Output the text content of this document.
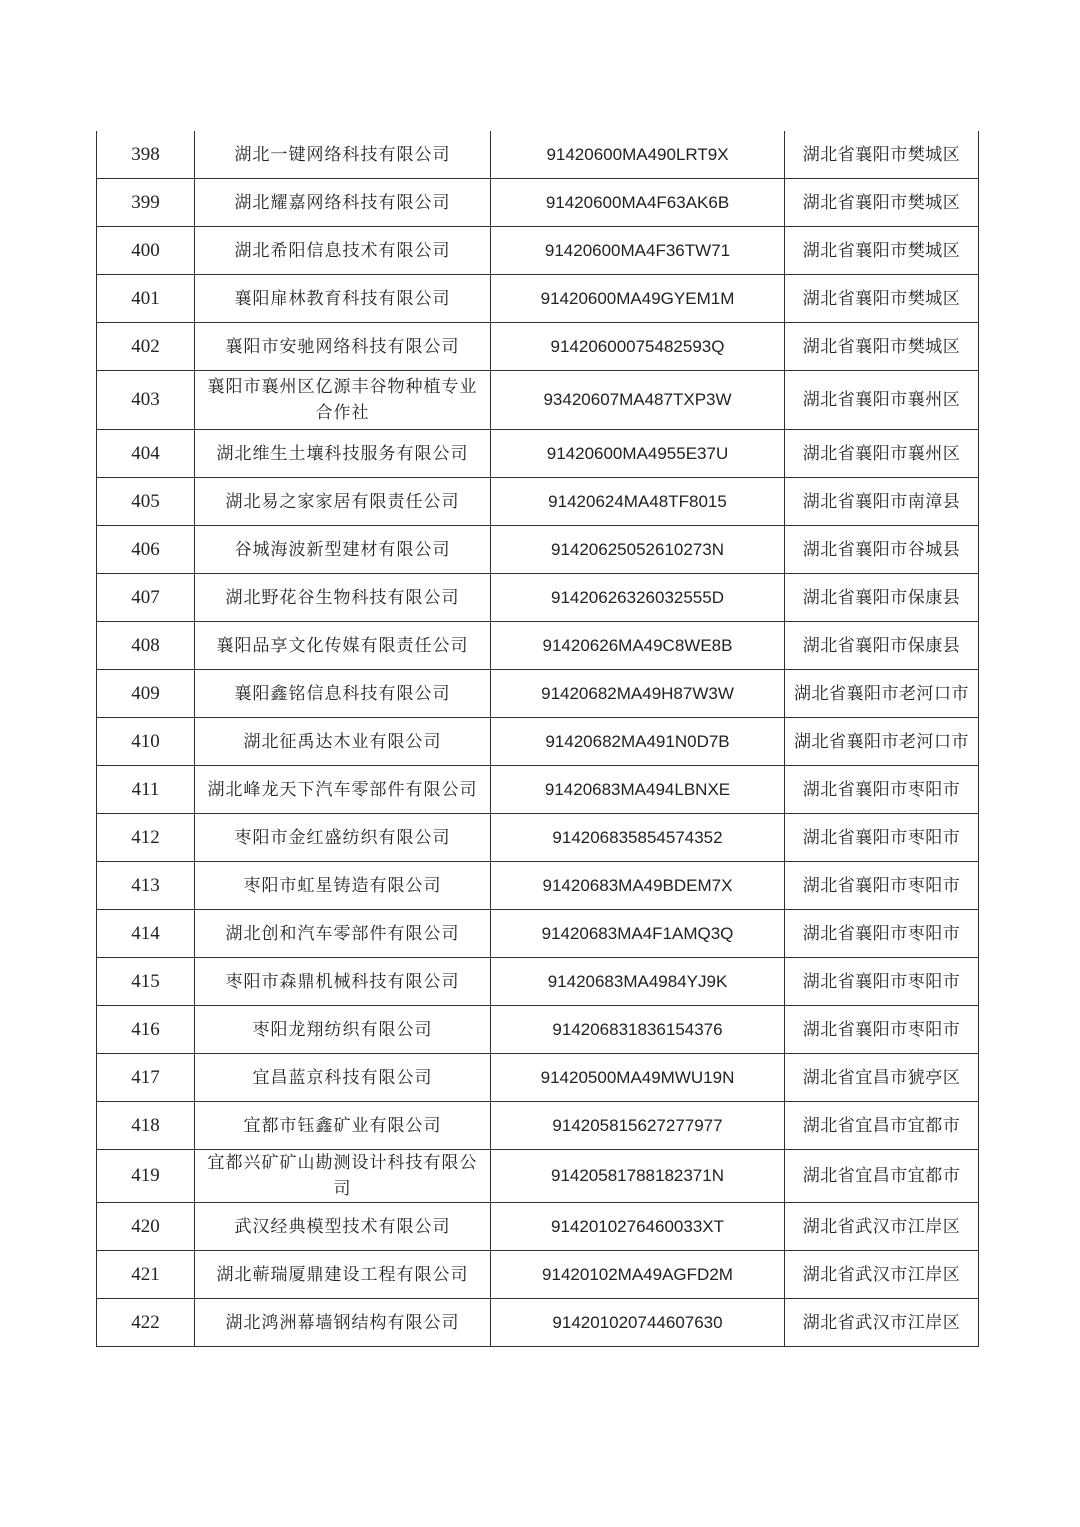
398	湖北一键网络科技有限公司	91420600MA490LRT9X	湖北省襄阳市樊城区
399	湖北耀嘉网络科技有限公司	91420600MA4F63AK6B	湖北省襄阳市樊城区
400	湖北希阳信息技术有限公司	91420600MA4F36TW71	湖北省襄阳市樊城区
401	襄阳扉林教育科技有限公司	91420600MA49GYEM1M	湖北省襄阳市樊城区
402	襄阳市安驰网络科技有限公司	91420600075482593Q	湖北省襄阳市樊城区
403	襄阳市襄州区亿源丰谷物种植专业合作社	93420607MA487TXP3W	湖北省襄阳市襄州区
404	湖北维生土壤科技服务有限公司	91420600MA4955E37U	湖北省襄阳市襄州区
405	湖北易之家家居有限责任公司	91420624MA48TF8015	湖北省襄阳市南漳县
406	谷城海波新型建材有限公司	91420625052610273N	湖北省襄阳市谷城县
407	湖北野花谷生物科技有限公司	91420626326032555D	湖北省襄阳市保康县
408	襄阳品享文化传媒有限责任公司	91420626MA49C8WE8B	湖北省襄阳市保康县
409	襄阳鑫铭信息科技有限公司	91420682MA49H87W3W	湖北省襄阳市老河口市
410	湖北征禹达木业有限公司	91420682MA491N0D7B	湖北省襄阳市老河口市
411	湖北峰龙天下汽车零部件有限公司	91420683MA494LBNXE	湖北省襄阳市枣阳市
412	枣阳市金红盛纺织有限公司	914206835854574352	湖北省襄阳市枣阳市
413	枣阳市虹星铸造有限公司	91420683MA49BDEM7X	湖北省襄阳市枣阳市
414	湖北创和汽车零部件有限公司	91420683MA4F1AMQ3Q	湖北省襄阳市枣阳市
415	枣阳市森鼎机械科技有限公司	91420683MA4984YJ9K	湖北省襄阳市枣阳市
416	枣阳龙翔纺织有限公司	914206831836154376	湖北省襄阳市枣阳市
417	宜昌蓝京科技有限公司	91420500MA49MWU19N	湖北省宜昌市猇亭区
418	宜都市钰鑫矿业有限公司	914205815627277977	湖北省宜昌市宜都市
419	宜都兴矿矿山勘测设计科技有限公司	91420581788182371N	湖北省宜昌市宜都市
420	武汉经典模型技术有限公司	9142010276460033XT	湖北省武汉市江岸区
421	湖北蕲瑞厦鼎建设工程有限公司	91420102MA49AGFD2M	湖北省武汉市江岸区
422	湖北鸿洲幕墙钢结构有限公司	914201020744607630	湖北省武汉市江岸区
